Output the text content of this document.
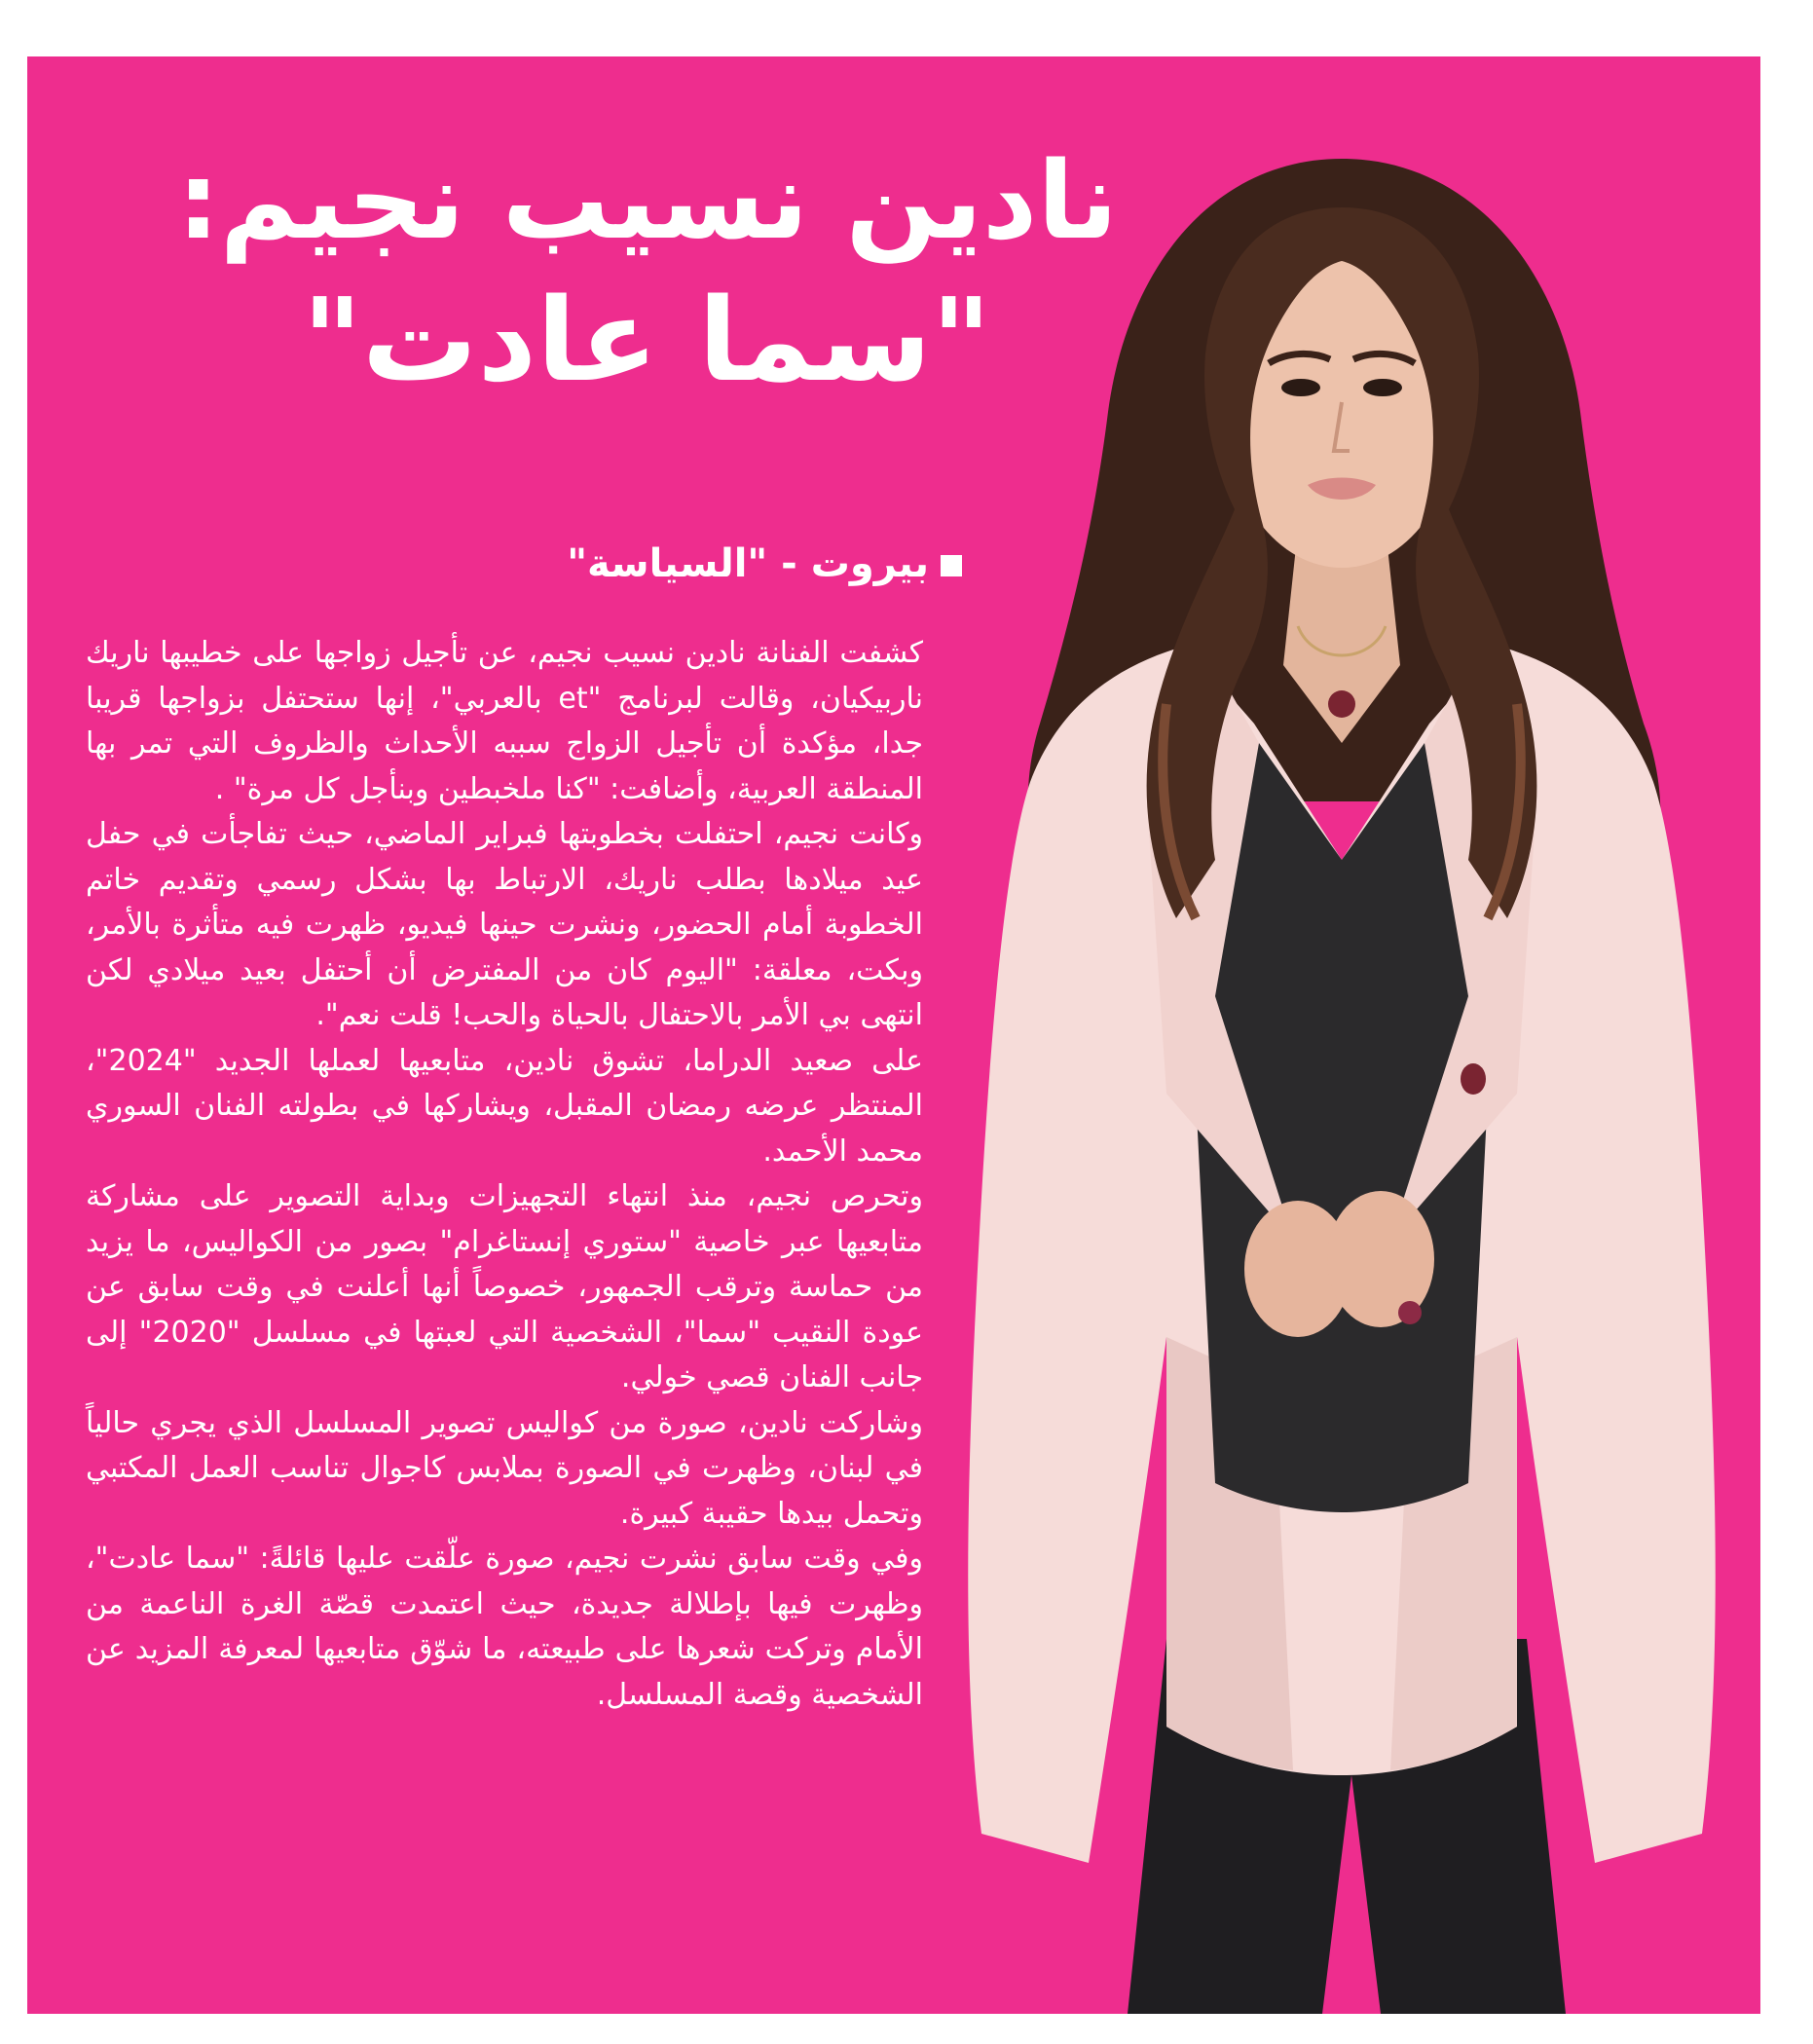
نادين نسيب نجيم:
"سما عادت"
بيروت - "السياسة"

كشفت الفنانة نادين نسيب نجيم، عن تأجيل زواجها على خطيبها ناريك ناربيكيان، وقالت لبرنامج "et بالعربي"، إنها ستحتفل بزواجها قريبا جدا، مؤكدة أن تأجيل الزواج سببه الأحداث والظروف التي تمر بها المنطقة العربية، وأضافت: "كنا ملخبطين وبنأجل كل مرة" .

وكانت نجيم، احتفلت بخطوبتها فبراير الماضي، حيث تفاجأت في حفل عيد ميلادها بطلب ناريك، الارتباط بها بشكل رسمي وتقديم خاتم الخطوبة أمام الحضور، ونشرت حينها فيديو، ظهرت فيه متأثرة بالأمر، وبكت، معلقة: "اليوم كان من المفترض أن أحتفل بعيد ميلادي لكن انتهى بي الأمر بالاحتفال بالحياة والحب! قلت نعم".

على صعيد الدراما، تشوق نادين، متابعيها لعملها الجديد "2024"، المنتظر عرضه رمضان المقبل، ويشاركها في بطولته الفنان السوري محمد الأحمد.

وتحرص نجيم، منذ انتهاء التجهيزات وبداية التصوير على مشاركة متابعيها عبر خاصية "ستوري إنستاغرام" بصور من الكواليس، ما يزيد من حماسة وترقب الجمهور، خصوصاً أنها أعلنت في وقت سابق عن عودة النقيب "سما"، الشخصية التي لعبتها في مسلسل "2020" إلى جانب الفنان قصي خولي.

وشاركت نادين، صورة من كواليس تصوير المسلسل الذي يجري حالياً في لبنان، وظهرت في الصورة بملابس كاجوال تناسب العمل المكتبي وتحمل بيدها حقيبة كبيرة.

وفي وقت سابق نشرت نجيم، صورة علّقت عليها قائلةً: "سما عادت"، وظهرت فيها بإطلالة جديدة، حيث اعتمدت قصّة الغرة الناعمة من الأمام وتركت شعرها على طبيعته، ما شوّق متابعيها لمعرفة المزيد عن الشخصية وقصة المسلسل.
